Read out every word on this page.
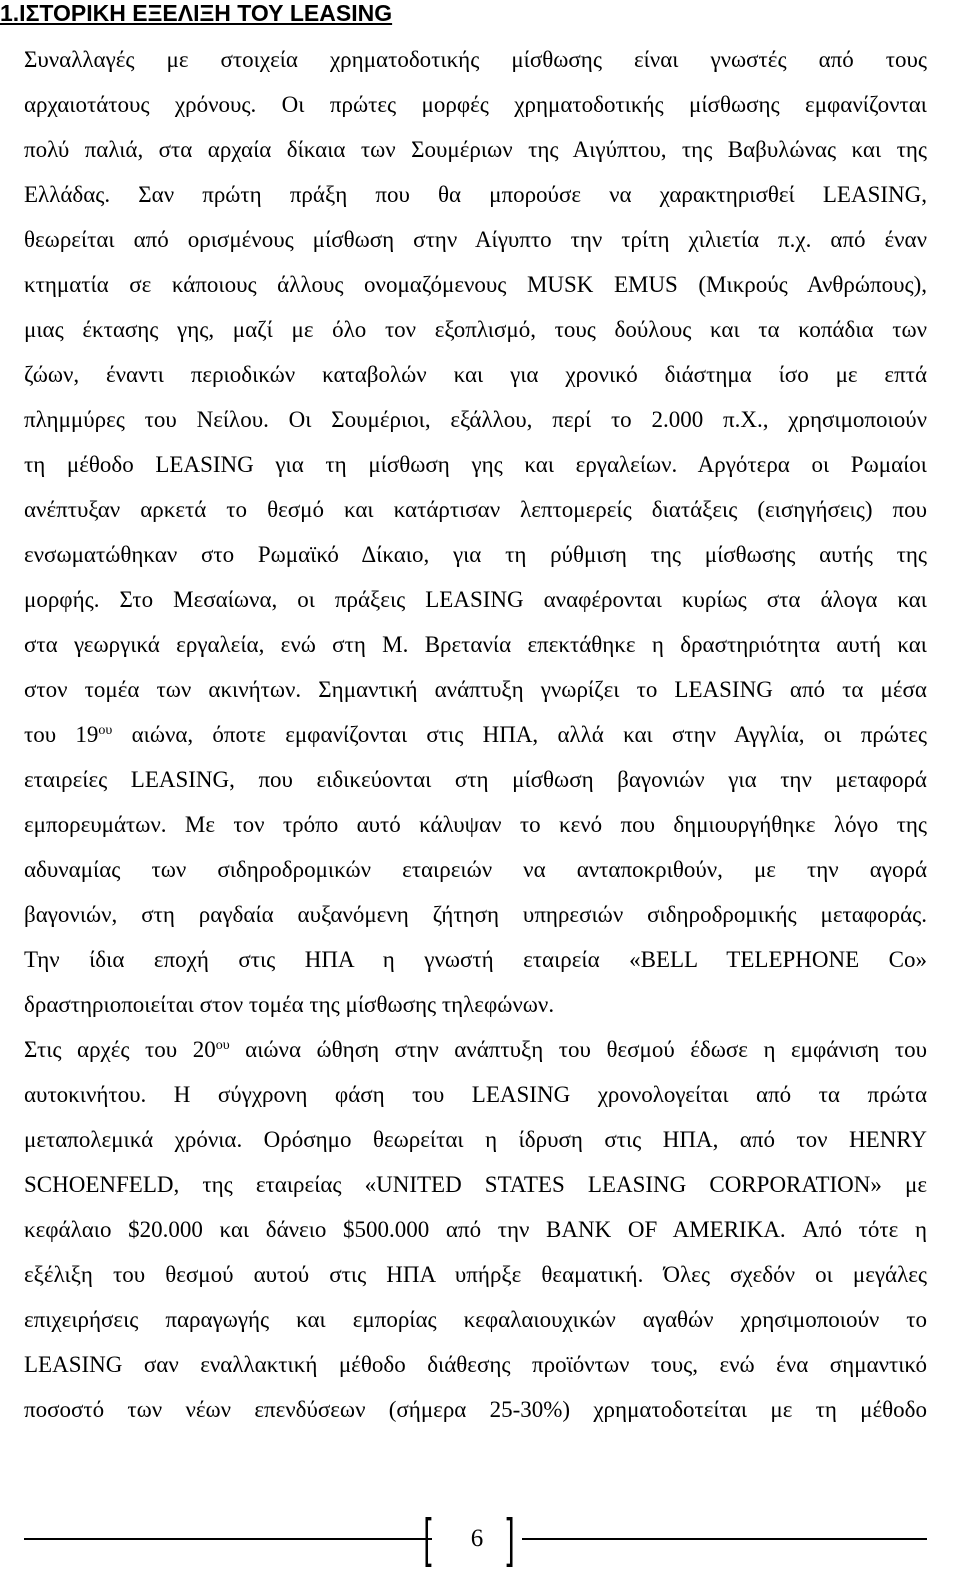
1.ΙΣΤΟΡΙΚΗ ΕΞΕΛΙΞΗ ΤΟΥ LEASING
Συναλλαγές με στοιχεία χρηματοδοτικής μίσθωσης είναι γνωστές από τους
αρχαιοτάτους χρόνους. Οι πρώτες μορφές χρηματοδοτικής μίσθωσης εμφανίζονται
πολύ παλιά, στα αρχαία δίκαια των Σουμέριων της Αιγύπτου, της Βαβυλώνας και της
Ελλάδας. Σαν πρώτη πράξη που θα μπορούσε να χαρακτηρισθεί LEASING,
θεωρείται από ορισμένους μίσθωση στην Αίγυπτο την τρίτη χιλιετία π.χ. από έναν
κτηματία σε κάποιους άλλους ονομαζόμενους MUSK EMUS (Μικρούς Ανθρώπους),
μιας έκτασης γης, μαζί με όλο τον εξοπλισμό, τους δούλους και τα κοπάδια των
ζώων, έναντι περιοδικών καταβολών και για χρονικό διάστημα ίσο με επτά
πλημμύρες του Νείλου. Οι Σουμέριοι, εξάλλου, περί το 2.000 π.Χ., χρησιμοποιούν
τη μέθοδο LEASING για τη μίσθωση γης και εργαλείων. Αργότερα οι Ρωμαίοι
ανέπτυξαν αρκετά το θεσμό και κατάρτισαν λεπτομερείς διατάξεις (εισηγήσεις) που
ενσωματώθηκαν στο Ρωμαϊκό Δίκαιο, για τη ρύθμιση της μίσθωσης αυτής της
μορφής. Στο Μεσαίωνα, οι πράξεις LEASING αναφέρονται κυρίως στα άλογα και
στα γεωργικά εργαλεία, ενώ στη Μ. Βρετανία επεκτάθηκε η δραστηριότητα αυτή και
στον τομέα των ακινήτων. Σημαντική ανάπτυξη γνωρίζει το LEASING από τα μέσα
του $19^{o\upsilon}$ αιώνα, όποτε εμφανίζονται στις ΗΠΑ, αλλά και στην Αγγλία, οι πρώτες
εταιρείες LEASING, που ειδικεύονται στη μίσθωση βαγονιών για την μεταφορά
εμπορευμάτων. Με τον τρόπο αυτό κάλυψαν το κενό που δημιουργήθηκε λόγο της
αδυναμίας των σιδηροδρομικών εταιρειών να ανταποκριθούν, με την αγορά
βαγονιών, στη ραγδαία αυξανόμενη ζήτηση υπηρεσιών σιδηροδρομικής μεταφοράς.
Την ίδια εποχή στις ΗΠΑ η γνωστή εταιρεία «BELL TELEPHONE Co»
δραστηριοποιείται στον τομέα της μίσθωσης τηλεφώνων.
Στις αρχές του $20^{o\upsilon}$ αιώνα ώθηση στην ανάπτυξη του θεσμού έδωσε η εμφάνιση του
αυτοκινήτου. Η σύγχρονη φάση του LEASING χρονολογείται από τα πρώτα
μεταπολεμικά χρόνια. Ορόσημο θεωρείται η ίδρυση στις ΗΠΑ, από τον HENRY
SCHOENFELD, της εταιρείας «UNITED STATES LEASING CORPORATION» με
κεφάλαιο $20.000 και δάνειο $500.000 από την BANK OF AMERIKA. Από τότε η
εξέλιξη του θεσμού αυτού στις ΗΠΑ υπήρξε θεαματική. Όλες σχεδόν οι μεγάλες
επιχειρήσεις παραγωγής και εμπορίας κεφαλαιουχικών αγαθών χρησιμοποιούν το
LEASING σαν εναλλακτική μέθοδο διάθεσης προϊόντων τους, ενώ ένα σημαντικό
ποσοστό των νέων επενδύσεων (σήμερα 25-30%) χρηματοδοτείται με τη μέθοδο
[	6 ]
